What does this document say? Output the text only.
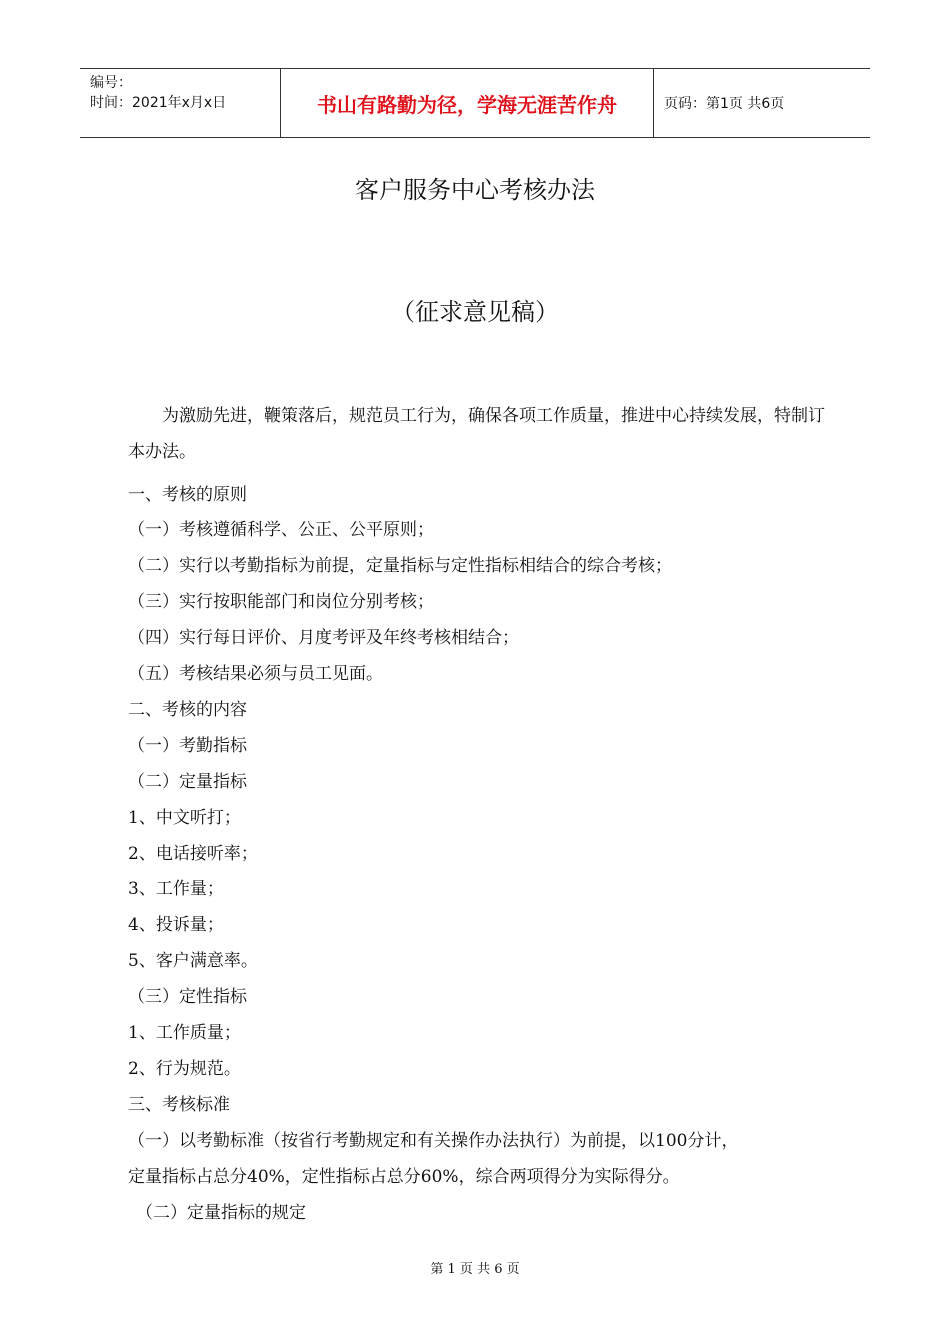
编号：
时间：2021年x月x日	书山有路勤为径，学海无涯苦作舟	页码：第1页 共6页
客户服务中心考核办法
（征求意见稿）

为激励先进，鞭策落后，规范员工行为，确保各项工作质量，推进中心持续发展，特制订本办法。

一、考核的原则
（一）考核遵循科学、公正、公平原则；
（二）实行以考勤指标为前提，定量指标与定性指标相结合的综合考核；
（三）实行按职能部门和岗位分别考核；
（四）实行每日评价、月度考评及年终考核相结合；
（五）考核结果必须与员工见面。
二、考核的内容
（一）考勤指标
（二）定量指标
1、中文听打；
2、电话接听率；
3、工作量；
4、投诉量；
5、客户满意率。
（三）定性指标
1、工作质量；
2、行为规范。
三、考核标准
（一）以考勤标准（按省行考勤规定和有关操作办法执行）为前提，以100分计，
定量指标占总分40%，定性指标占总分60%，综合两项得分为实际得分。
（二）定量指标的规定
第 1 页 共 6 页
